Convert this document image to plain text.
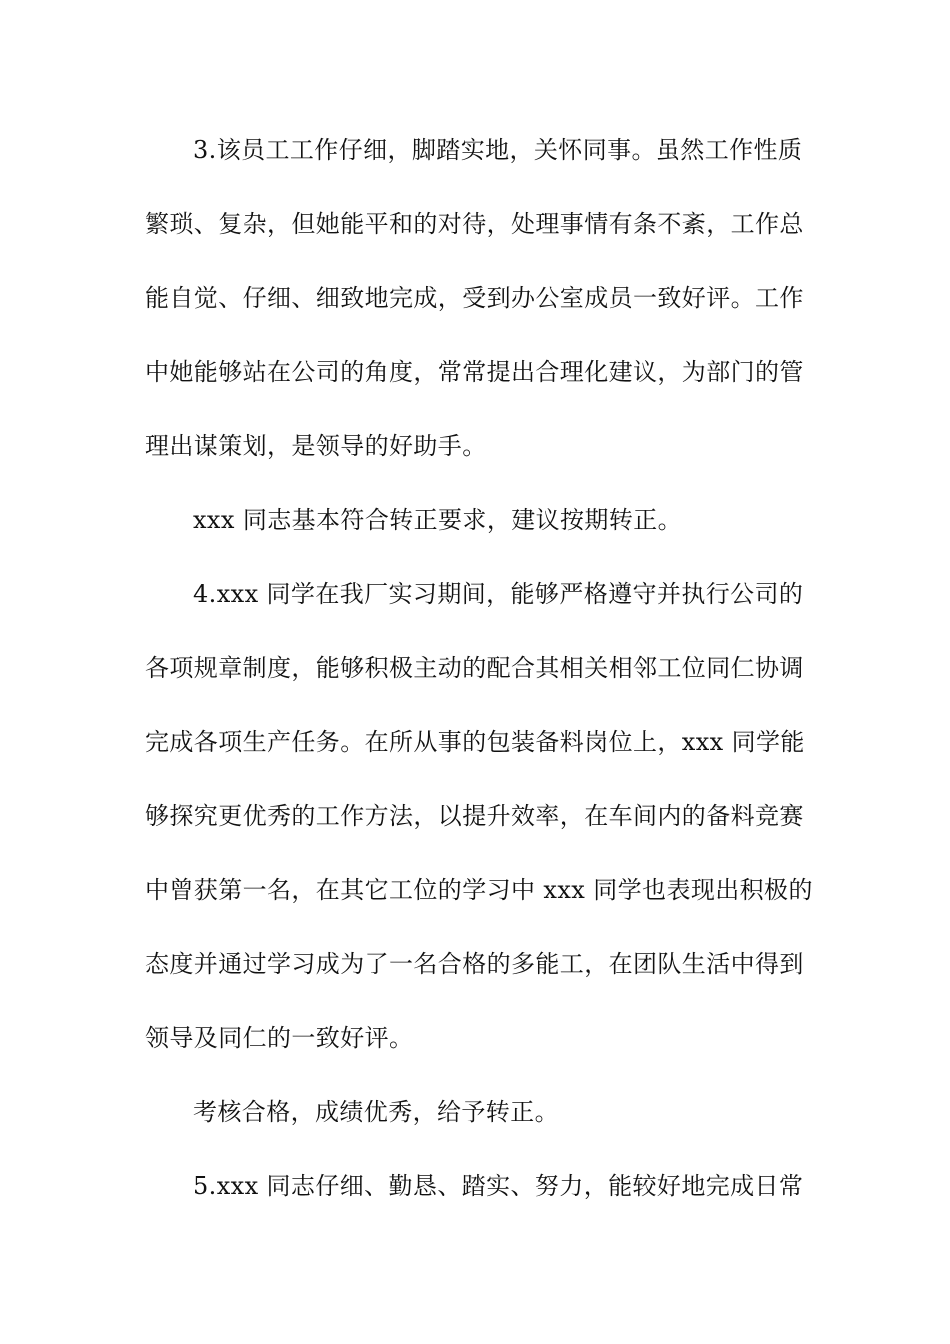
3.该员工工作仔细，脚踏实地，关怀同事。虽然工作性质
繁琐、复杂，但她能平和的对待，处理事情有条不紊，工作总
能自觉、仔细、细致地完成，受到办公室成员一致好评。工作
中她能够站在公司的角度，常常提出合理化建议，为部门的管
理出谋策划，是领导的好助手。
xxx 同志基本符合转正要求，建议按期转正。
4.xxx 同学在我厂实习期间，能够严格遵守并执行公司的
各项规章制度，能够积极主动的配合其相关相邻工位同仁协调
完成各项生产任务。在所从事的包装备料岗位上，xxx 同学能
够探究更优秀的工作方法，以提升效率，在车间内的备料竞赛
中曾获第一名，在其它工位的学习中 xxx 同学也表现出积极的
态度并通过学习成为了一名合格的多能工，在团队生活中得到
领导及同仁的一致好评。
考核合格，成绩优秀，给予转正。
5.xxx 同志仔细、勤恳、踏实、努力，能较好地完成日常
